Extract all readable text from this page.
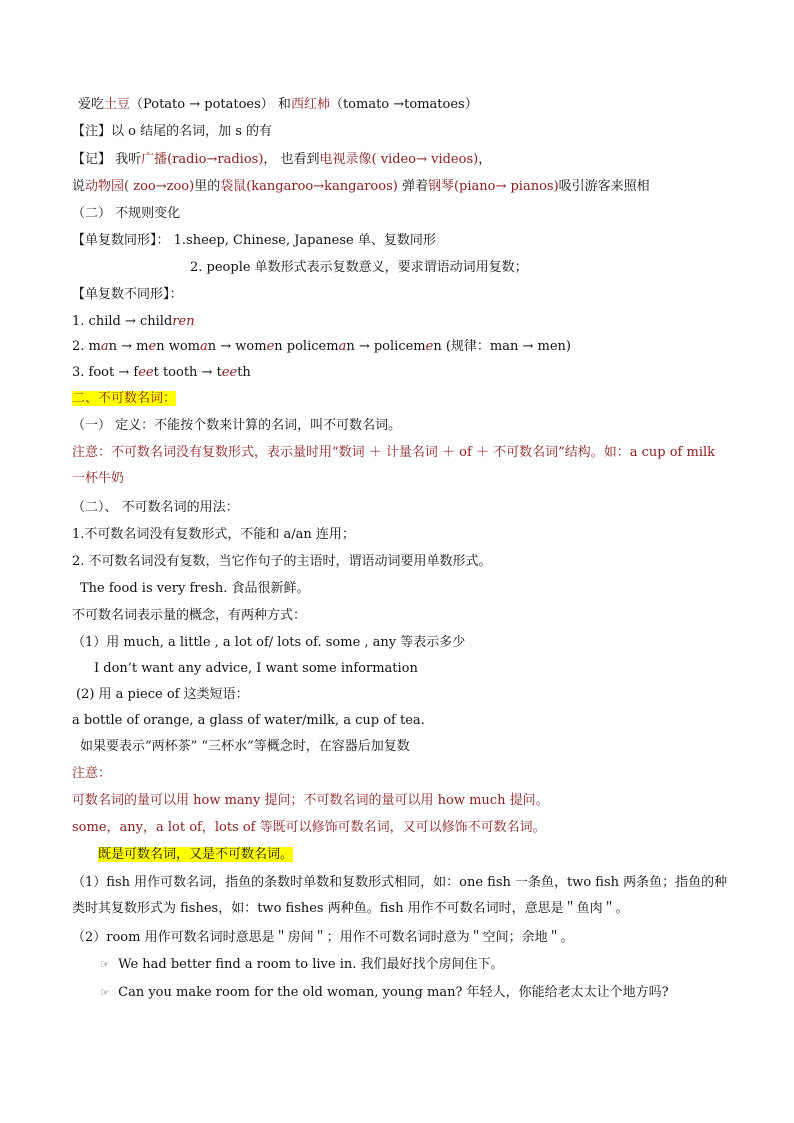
爱吃土豆（Potato → potatoes） 和西红柿（tomato →tomatoes）
【注】以 o 结尾的名词，加 s 的有
【记】 我听广播(radio→radios)， 也看到电视录像( video→ videos)，
说动物园( zoo→zoo)里的袋鼠(kangaroo→kangaroos) 弹着钢琴(piano→ pianos)吸引游客来照相
（二） 不规则变化
【单复数同形】： 1.sheep, Chinese, Japanese 单、复数同形
2. people 单数形式表示复数意义，要求谓语动词用复数；
【单复数不同形】：
1. child → children
2. man → men woman → women policeman → policemen (规律：man → men)
3. foot → feet tooth → teeth
二、不可数名词：
（一） 定义：不能按个数来计算的名词，叫不可数名词。
注意：不可数名词没有复数形式，表示量时用“数词 ＋ 计量名词 ＋ of ＋ 不可数名词”结构。如：a cup of milk 一杯牛奶
（二）、 不可数名词的用法：
1.不可数名词没有复数形式，不能和 a/an 连用；
2. 不可数名词没有复数，当它作句子的主语时，谓语动词要用单数形式。
The food is very fresh. 食品很新鲜。
不可数名词表示量的概念，有两种方式：
（1）用 much, a little , a lot of/ lots of. some , any 等表示多少
I don’t want any advice, I want some information
(2) 用 a piece of 这类短语：
a bottle of orange, a glass of water/milk, a cup of tea.
如果要表示“两杯茶” “三杯水”等概念时，在容器后加复数
注意：
可数名词的量可以用 how many 提问；不可数名词的量可以用 how much 提问。
some，any，a lot of，lots of 等既可以修饰可数名词，又可以修饰不可数名词。
既是可数名词，又是不可数名词。
（1）fish 用作可数名词，指鱼的条数时单数和复数形式相同，如：one fish 一条鱼，two fish 两条鱼；指鱼的种类时其复数形式为 fishes，如：two fishes 两种鱼。fish 用作不可数名词时，意思是＂鱼肉＂。
（2）room 用作可数名词时意思是＂房间＂；用作不可数名词时意为＂空间；余地＂。
☞ We had better find a room to live in. 我们最好找个房间住下。
☞ Can you make room for the old woman, young man? 年轻人，你能给老太太让个地方吗?
